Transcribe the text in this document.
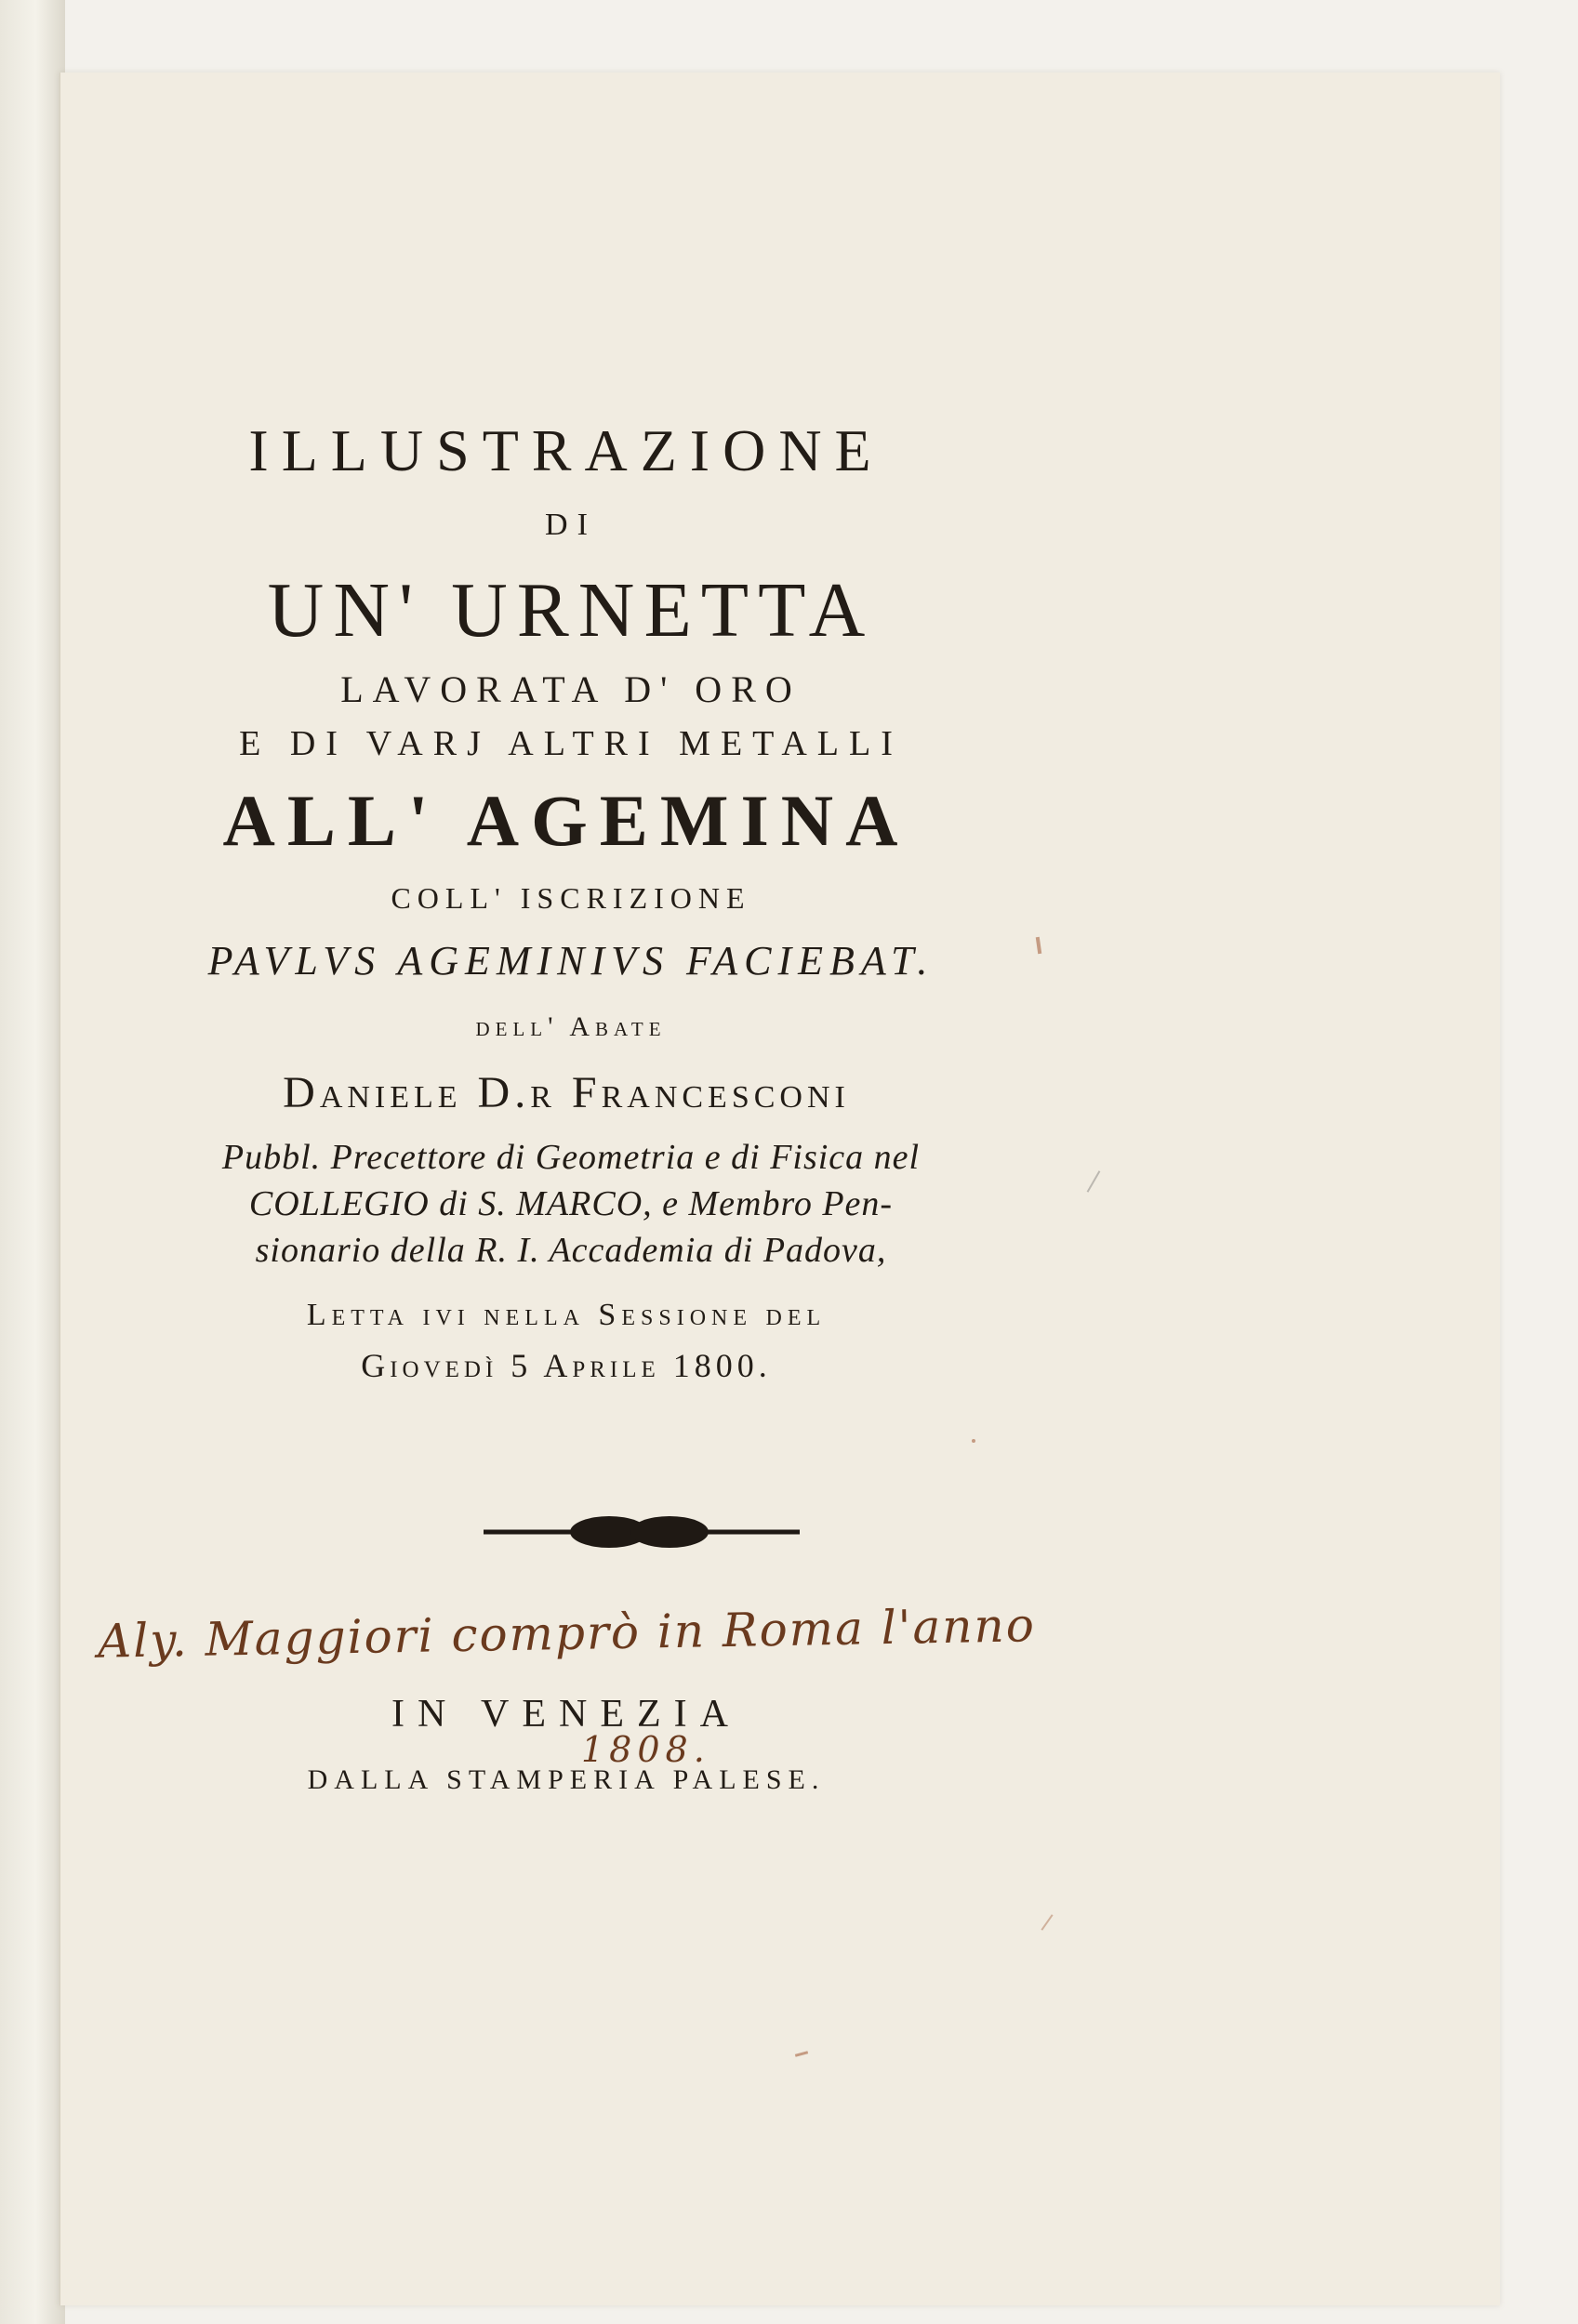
ILLUSTRAZIONE
DI
UN' URNETTA
LAVORATA D' ORO
E DI VARJ ALTRI METALLI
ALL' AGEMINA
COLL' ISCRIZIONE
PAVLVS AGEMINIVS FACIEBAT.
dell' Abate
Daniele D.r Francesconi
Pubbl. Precettore di Geometria e di Fisica nel
COLLEGIO di S. MARCO, e Membro Pen-
sionario della R. I. Accademia di Padova,
Letta ivi nella Sessione del
Giovedì 5 Aprile 1800.
Aly. Maggiori comprò in Roma l'anno
1808.
IN VENEZIA
DALLA STAMPERIA PALESE.
